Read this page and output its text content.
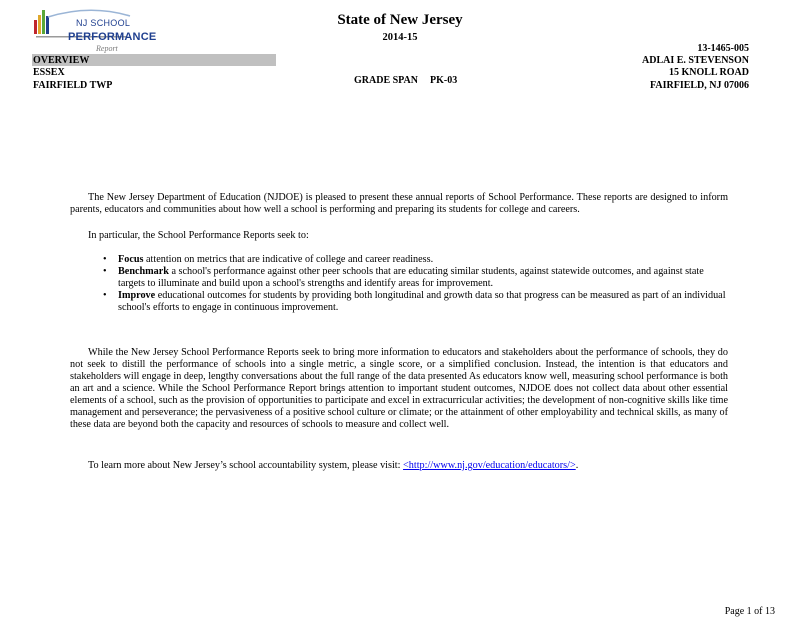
NJ SCHOOL
PERFORMANCE
Report
State of New Jersey
2014-15
OVERVIEW
ESSEX
FAIRFIELD TWP	GRADE SPAN PK-03
13-1465-005
ADLAI E. STEVENSON
15 KNOLL ROAD
FAIRFIELD, NJ 07006
The New Jersey Department of Education (NJDOE) is pleased to present these annual reports of School Performance. These reports are designed to inform parents, educators and communities about how well a school is performing and preparing its students for college and careers.
In particular, the School Performance Reports seek to:
• Focus attention on metrics that are indicative of college and career readiness.
• Benchmark a school's performance against other peer schools that are educating similar students, against statewide outcomes, and against state targets to illuminate and build upon a school's strengths and identify areas for improvement.
• Improve educational outcomes for students by providing both longitudinal and growth data so that progress can be measured as part of an individual school's efforts to engage in continuous improvement.
While the New Jersey School Performance Reports seek to bring more information to educators and stakeholders about the performance of schools, they do not seek to distill the performance of schools into a single metric, a single score, or a simplified conclusion. Instead, the intention is that educators and stakeholders will engage in deep, lengthy conversations about the full range of the data presented As educators know well, measuring school performance is both an art and a science. While the School Performance Report brings attention to important student outcomes, NJDOE does not collect data about other essential elements of a school, such as the provision of opportunities to participate and excel in extracurricular activities; the development of non-cognitive skills like time management and perseverance; the pervasiveness of a positive school culture or climate; or the attainment of other employability and technical skills, as many of these data are beyond both the capacity and resources of schools to measure and collect well.
To learn more about New Jersey’s school accountability system, please visit: <http://www.nj.gov/education/educators/>.
Page 1 of 13
